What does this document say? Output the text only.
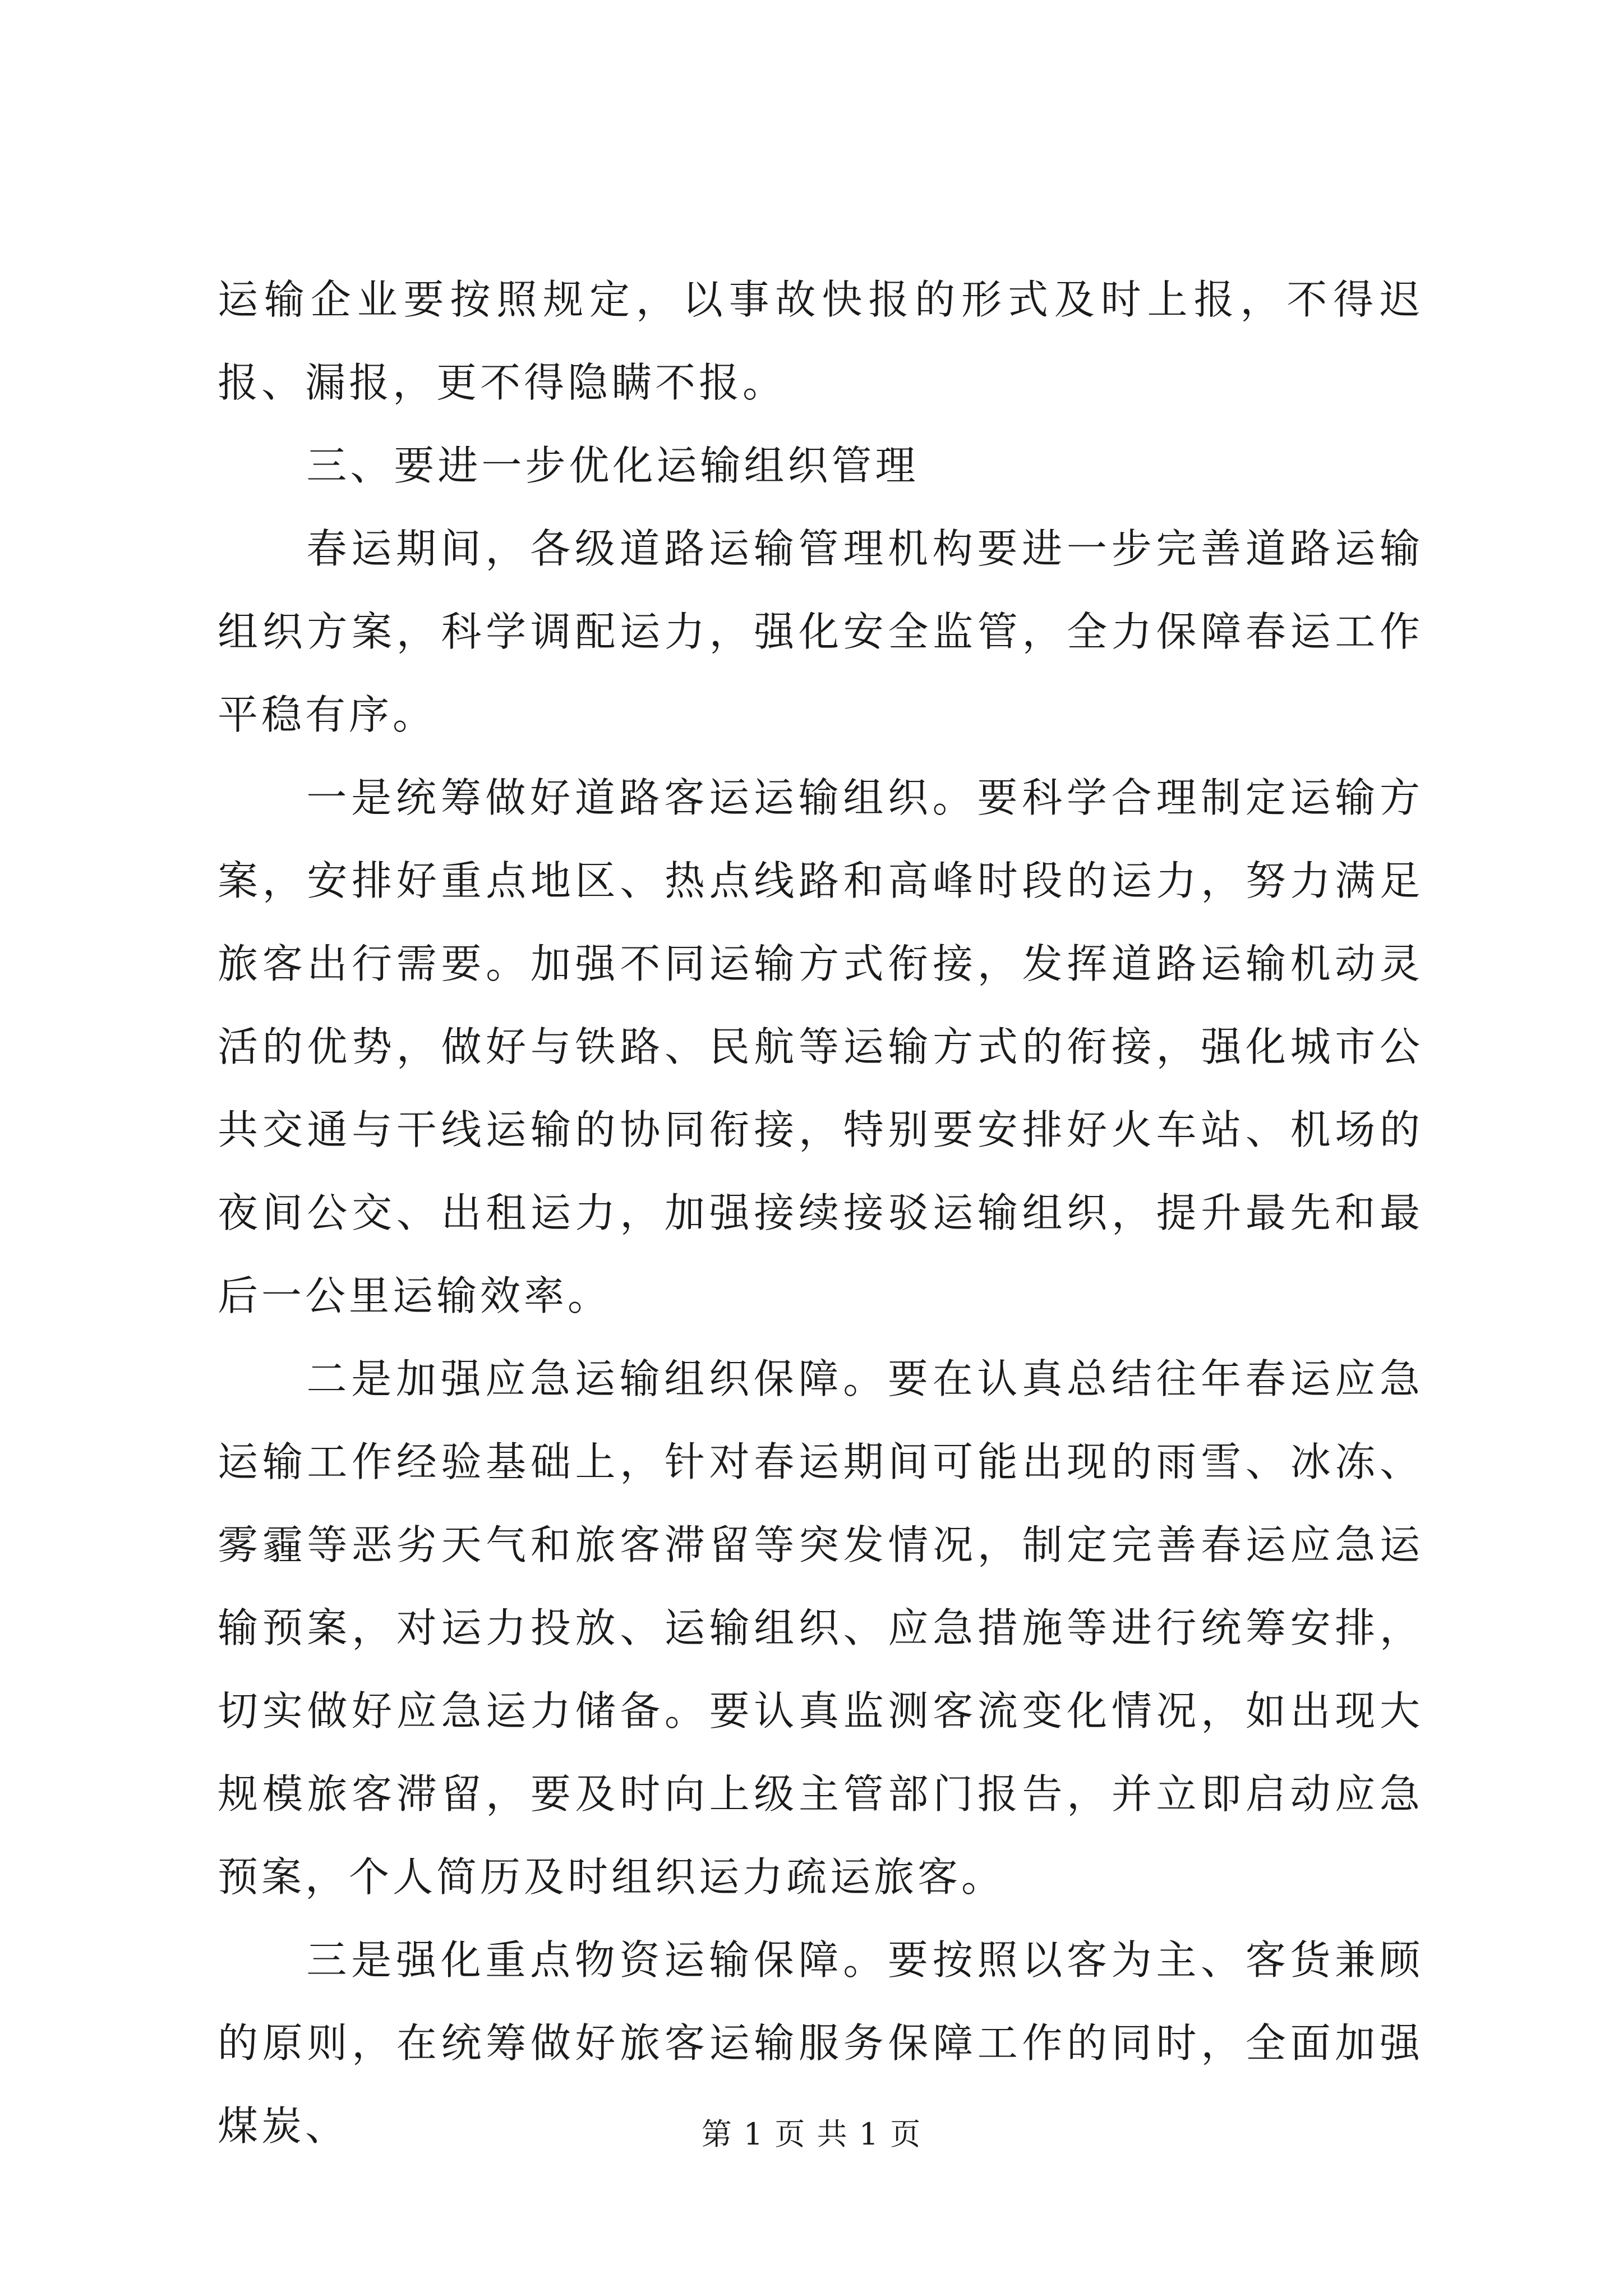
运输企业要按照规定，以事故快报的形式及时上报，不得迟报、漏报，更不得隐瞒不报。

三、要进一步优化运输组织管理

春运期间，各级道路运输管理机构要进一步完善道路运输组织方案，科学调配运力，强化安全监管，全力保障春运工作平稳有序。

一是统筹做好道路客运运输组织。要科学合理制定运输方案，安排好重点地区、热点线路和高峰时段的运力，努力满足旅客出行需要。加强不同运输方式衔接，发挥道路运输机动灵活的优势，做好与铁路、民航等运输方式的衔接，强化城市公共交通与干线运输的协同衔接，特别要安排好火车站、机场的夜间公交、出租运力，加强接续接驳运输组织，提升最先和最后一公里运输效率。

二是加强应急运输组织保障。要在认真总结往年春运应急运输工作经验基础上，针对春运期间可能出现的雨雪、冰冻、雾霾等恶劣天气和旅客滞留等突发情况，制定完善春运应急运输预案，对运力投放、运输组织、应急措施等进行统筹安排，切实做好应急运力储备。要认真监测客流变化情况，如出现大规模旅客滞留，要及时向上级主管部门报告，并立即启动应急预案，个人简历及时组织运力疏运旅客。

三是强化重点物资运输保障。要按照以客为主、客货兼顾的原则，在统筹做好旅客运输服务保障工作的同时，全面加强煤炭、	第 1 页 共 1 页
